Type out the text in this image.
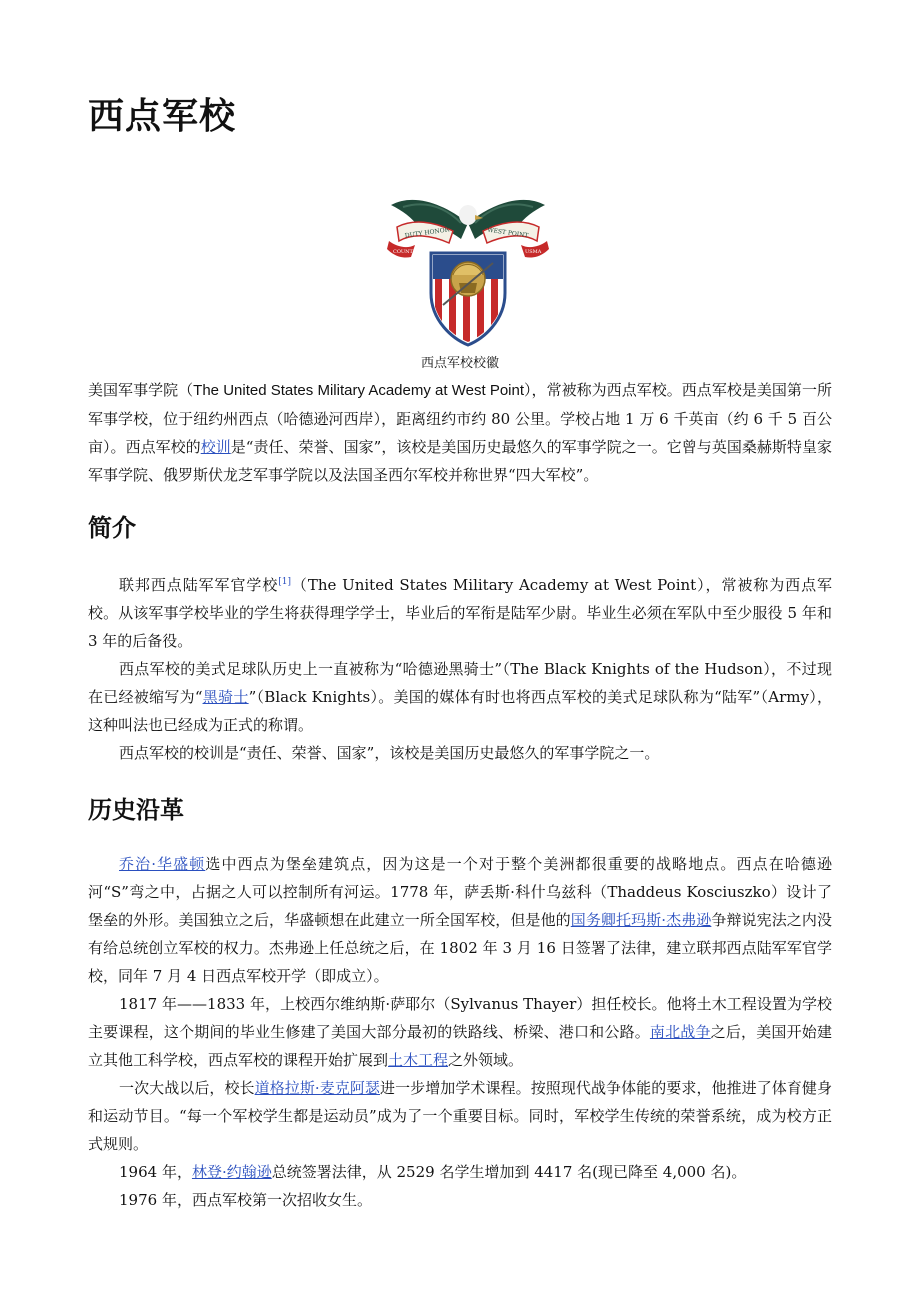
西点军校
DUTY HONOR	WEST POINT
COUNTRY	USMA
西点军校校徽

美国军事学院（The United States Military Academy at West Point），常被称为西点军校。西点军校是美国第一所军事学校，位于纽约州西点（哈德逊河西岸），距离纽约市约 80 公里。学校占地 1 万 6 千英亩（约 6 千 5 百公亩）。西点军校的校训是“责任、荣誉、国家”，该校是美国历史最悠久的军事学院之一。它曾与英国桑赫斯特皇家军事学院、俄罗斯伏龙芝军事学院以及法国圣西尔军校并称世界“四大军校”。

简介

联邦西点陆军军官学校[1]（The United States Military Academy at West Point），常被称为西点军校。从该军事学校毕业的学生将获得理学学士，毕业后的军衔是陆军少尉。毕业生必须在军队中至少服役 5 年和 3 年的后备役。

西点军校的美式足球队历史上一直被称为“哈德逊黑骑士”（The Black Knights of the Hudson），不过现在已经被缩写为“黑骑士”（Black Knights）。美国的媒体有时也将西点军校的美式足球队称为“陆军”（Army），这种叫法也已经成为正式的称谓。

西点军校的校训是“责任、荣誉、国家”，该校是美国历史最悠久的军事学院之一。

历史沿革

乔治·华盛顿选中西点为堡垒建筑点，因为这是一个对于整个美洲都很重要的战略地点。西点在哈德逊河“S”弯之中，占据之人可以控制所有河运。1778 年，萨丢斯·科什乌兹科（Thaddeus Kosciuszko）设计了堡垒的外形。美国独立之后，华盛顿想在此建立一所全国军校，但是他的国务卿托玛斯·杰弗逊争辩说宪法之内没有给总统创立军校的权力。杰弗逊上任总统之后，在 1802 年 3 月 16 日签署了法律，建立联邦西点陆军军官学校，同年 7 月 4 日西点军校开学（即成立）。

1817 年——1833 年，上校西尔维纳斯·萨耶尔（Sylvanus Thayer）担任校长。他将土木工程设置为学校主要课程，这个期间的毕业生修建了美国大部分最初的铁路线、桥梁、港口和公路。南北战争之后，美国开始建立其他工科学校，西点军校的课程开始扩展到土木工程之外领域。

一次大战以后，校长道格拉斯·麦克阿瑟进一步增加学术课程。按照现代战争体能的要求，他推进了体育健身和运动节目。“每一个军校学生都是运动员”成为了一个重要目标。同时，军校学生传统的荣誉系统，成为校方正式规则。

1964 年，林登·约翰逊总统签署法律，从 2529 名学生增加到 4417 名(现已降至 4,000 名)。

1976 年，西点军校第一次招收女生。
